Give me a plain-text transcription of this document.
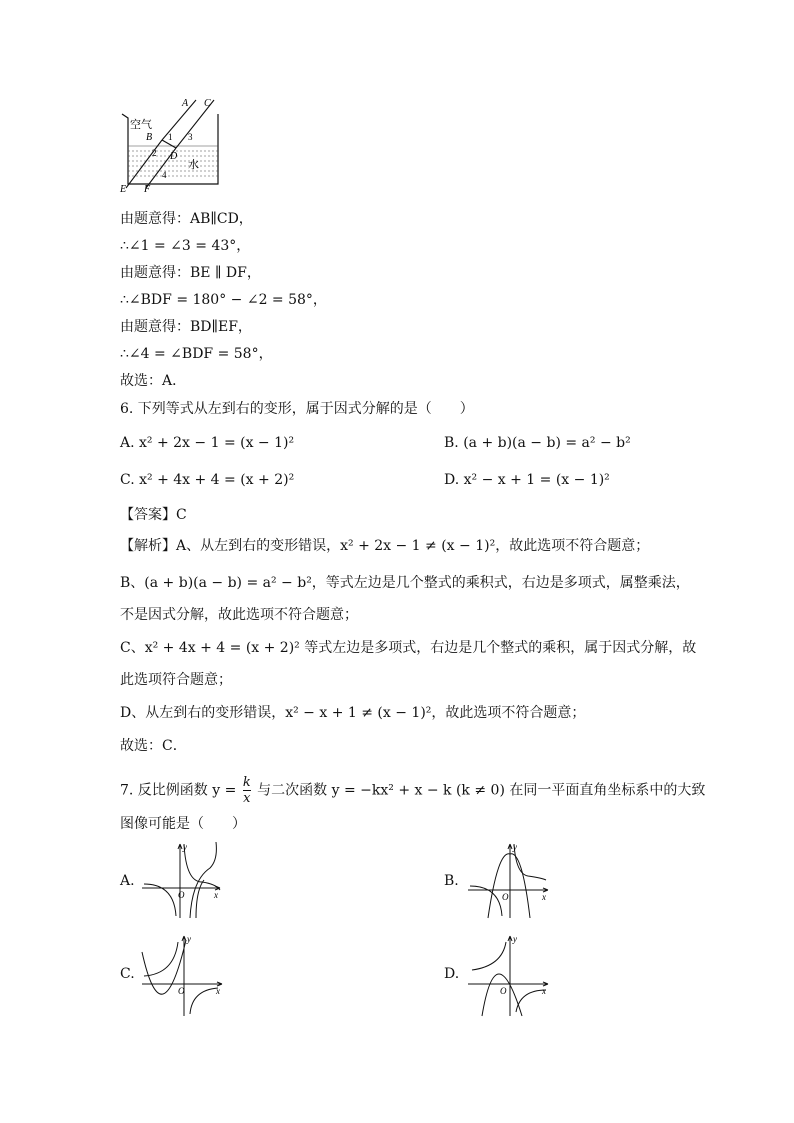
A C
空气
B 1 3
2 D
水
4
E F
由题意得：AB∥CD，
∴∠1 = ∠3 = 43°，
由题意得：BE ∥ DF，
∴∠BDF = 180° − ∠2 = 58°，
由题意得：BD∥EF，
∴∠4 = ∠BDF = 58°，
故选：A．
6. 下列等式从左到右的变形，属于因式分解的是（　　）
A. x² + 2x − 1 = (x − 1)²	B. (a + b)(a − b) = a² − b²
C. x² + 4x + 4 = (x + 2)²	D. x² − x + 1 = (x − 1)²
【答案】C
【解析】A、从左到右的变形错误，x² + 2x − 1 ≠ (x − 1)²，故此选项不符合题意；
B、(a + b)(a − b) = a² − b²，等式左边是几个整式的乘积式，右边是多项式，属整乘法，
不是因式分解，故此选项不符合题意；
C、x² + 4x + 4 = (x + 2)² 等式左边是多项式，右边是几个整式的乘积，属于因式分解，故
此选项符合题意；
D、从左到右的变形错误，x² − x + 1 ≠ (x − 1)²，故此选项不符合题意；
故选：C．
7. 反比例函数 $y = \frac{k}{x}$ 与二次函数 y = −kx² + x − k (k ≠ 0) 在同一平面直角坐标系中的大致
图像可能是（　　）
A.	B.
C.	D.
y
x
O
y
x
O
y
x
O
y
x
O
